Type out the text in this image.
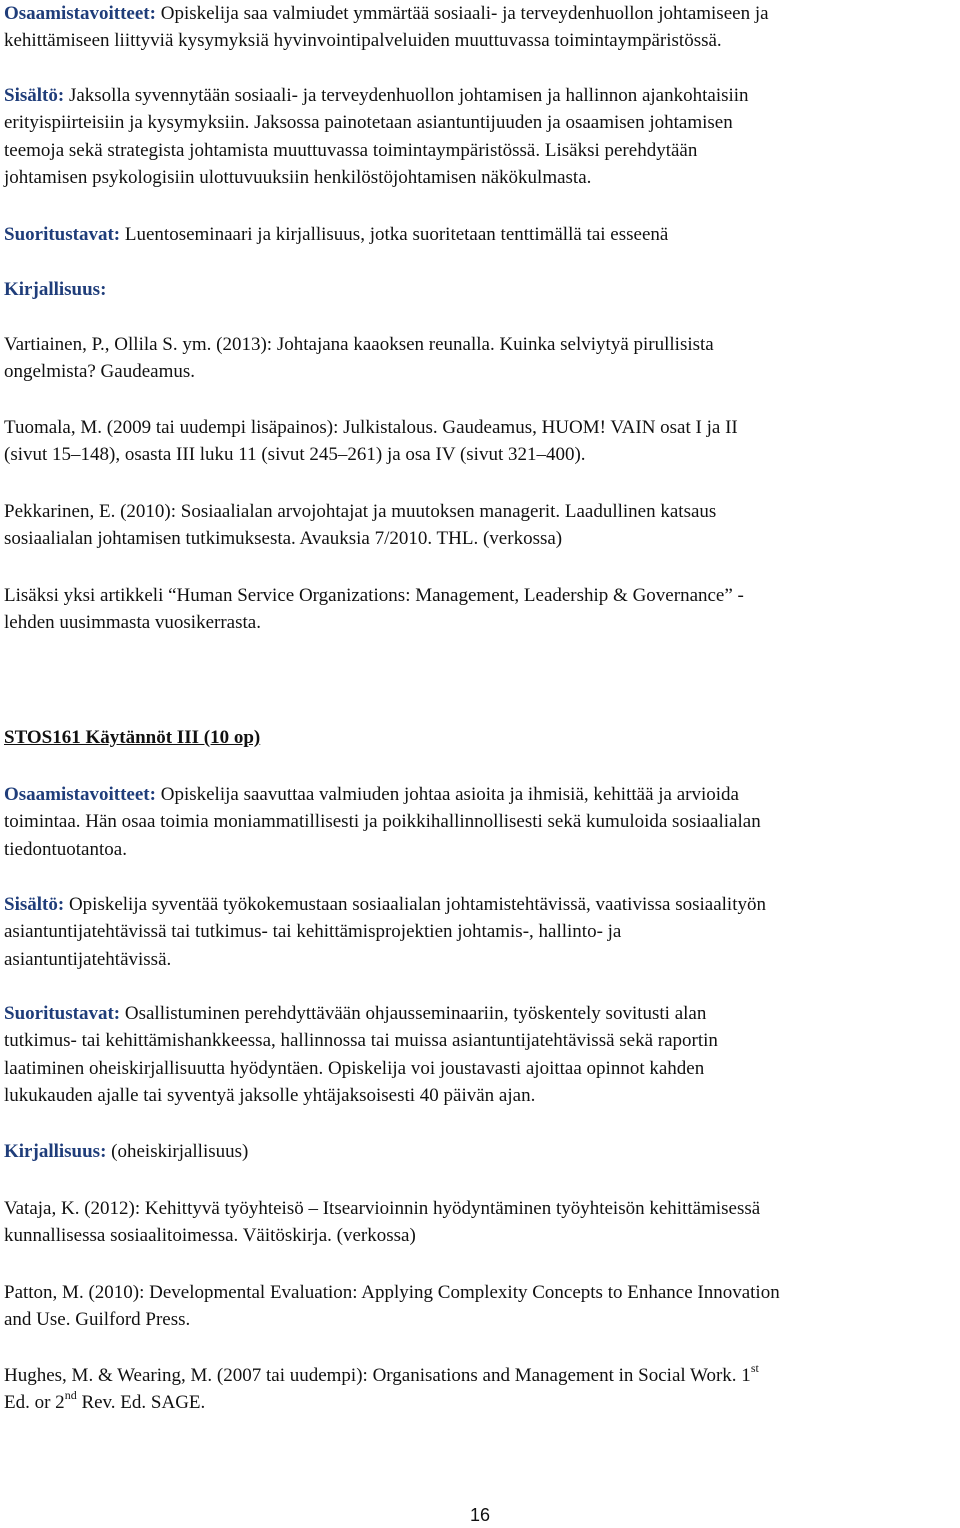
Osaamistavoitteet: Opiskelija saa valmiudet ymmärtää sosiaali- ja terveydenhuollon johtamiseen ja
kehittämiseen liittyviä kysymyksiä hyvinvointipalveluiden muuttuvassa toimintaympäristössä.

Sisältö: Jaksolla syvennytään sosiaali- ja terveydenhuollon johtamisen ja hallinnon ajankohtaisiin
erityispiirteisiin ja kysymyksiin. Jaksossa painotetaan asiantuntijuuden ja osaamisen johtamisen
teemoja sekä strategista johtamista muuttuvassa toimintaympäristössä. Lisäksi perehdytään
johtamisen psykologisiin ulottuvuuksiin henkilöstöjohtamisen näkökulmasta.

Suoritustavat: Luentoseminaari ja kirjallisuus, jotka suoritetaan tenttimällä tai esseenä

Kirjallisuus:

Vartiainen, P., Ollila S. ym. (2013): Johtajana kaaoksen reunalla. Kuinka selviytyä pirullisista
ongelmista? Gaudeamus.

Tuomala, M. (2009 tai uudempi lisäpainos): Julkistalous. Gaudeamus, HUOM! VAIN osat I ja II
(sivut 15–148), osasta III luku 11 (sivut 245–261) ja osa IV (sivut 321–400).

Pekkarinen, E. (2010): Sosiaalialan arvojohtajat ja muutoksen managerit. Laadullinen katsaus
sosiaalialan johtamisen tutkimuksesta. Avauksia 7/2010. THL. (verkossa)

Lisäksi yksi artikkeli “Human Service Organizations: Management, Leadership & Governance” -
lehden uusimmasta vuosikerrasta.

STOS161 Käytännöt III (10 op)

Osaamistavoitteet: Opiskelija saavuttaa valmiuden johtaa asioita ja ihmisiä, kehittää ja arvioida
toimintaa. Hän osaa toimia moniammatillisesti ja poikkihallinnollisesti sekä kumuloida sosiaalialan
tiedontuotantoa.

Sisältö: Opiskelija syventää työkokemustaan sosiaalialan johtamistehtävissä, vaativissa sosiaalityön
asiantuntijatehtävissä tai tutkimus- tai kehittämisprojektien johtamis-, hallinto- ja
asiantuntijatehtävissä.

Suoritustavat: Osallistuminen perehdyttävään ohjausseminaariin, työskentely sovitusti alan
tutkimus- tai kehittämishankkeessa, hallinnossa tai muissa asiantuntijatehtävissä sekä raportin
laatiminen oheiskirjallisuutta hyödyntäen. Opiskelija voi joustavasti ajoittaa opinnot kahden
lukukauden ajalle tai syventyä jaksolle yhtäjaksoisesti 40 päivän ajan.

Kirjallisuus: (oheiskirjallisuus)

Vataja, K. (2012): Kehittyvä työyhteisö – Itsearvioinnin hyödyntäminen työyhteisön kehittämisessä
kunnallisessa sosiaalitoimessa. Väitöskirja. (verkossa)

Patton, M. (2010): Developmental Evaluation: Applying Complexity Concepts to Enhance Innovation
and Use. Guilford Press.

Hughes, M. & Wearing, M. (2007 tai uudempi): Organisations and Management in Social Work. 1st
Ed. or 2nd Rev. Ed. SAGE.

16
